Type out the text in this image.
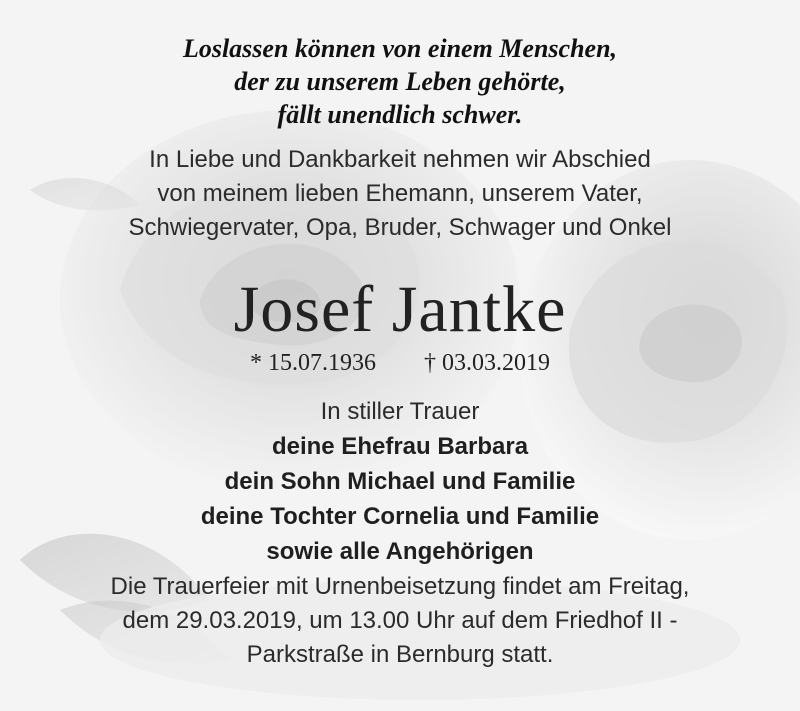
Loslassen können von einem Menschen,
der zu unserem Leben gehörte,
fällt unendlich schwer.
In Liebe und Dankbarkeit nehmen wir Abschied
von meinem lieben Ehemann, unserem Vater,
Schwiegervater, Opa, Bruder, Schwager und Onkel
Josef Jantke
* 15.07.1936 † 03.03.2019
In stiller Trauer
deine Ehefrau Barbara
dein Sohn Michael und Familie
deine Tochter Cornelia und Familie
sowie alle Angehörigen
Die Trauerfeier mit Urnenbeisetzung findet am Freitag,
dem 29.03.2019, um 13.00 Uhr auf dem Friedhof II -
Parkstraße in Bernburg statt.
